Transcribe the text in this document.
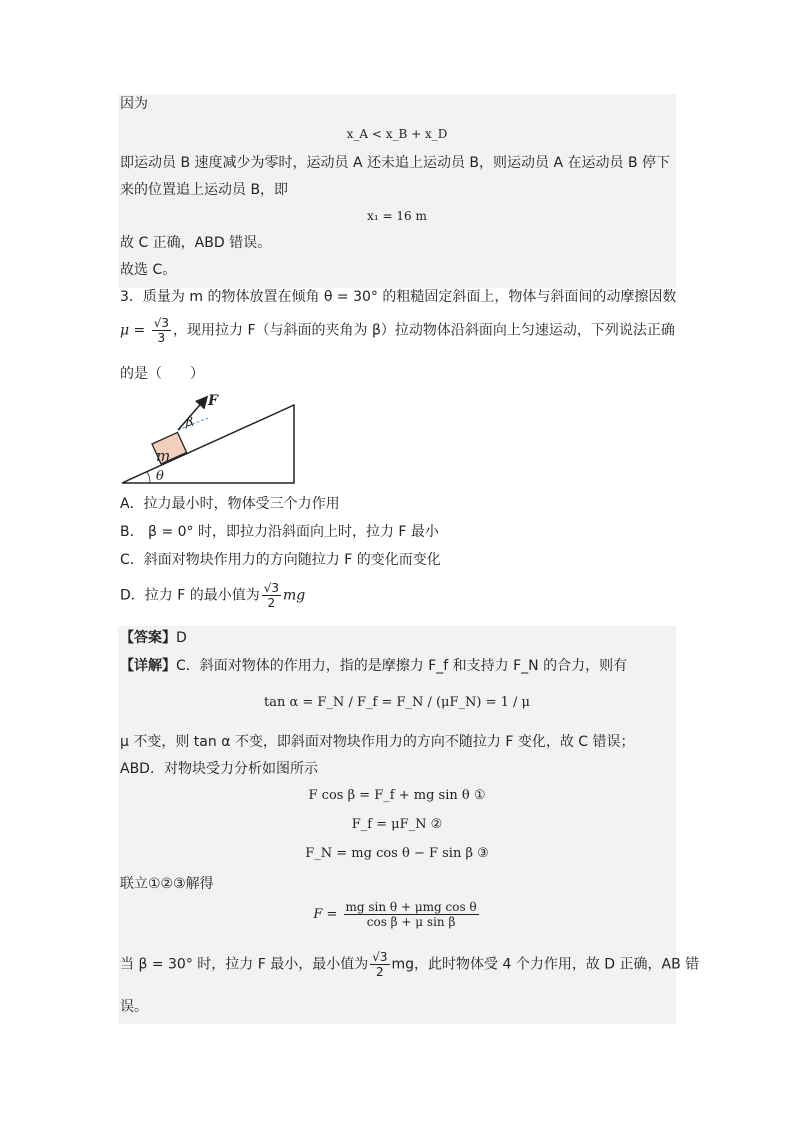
因为
x_A < x_B + x_D
即运动员 B 速度减少为零时，运动员 A 还未追上运动员 B，则运动员 A 在运动员 B 停下
来的位置追上运动员 B，即
x₁ = 16 m
故 C 正确，ABD 错误。
故选 C。
3．质量为 m 的物体放置在倾角 θ = 30° 的粗糙固定斜面上，物体与斜面间的动摩擦因数
$\mu = \frac{√3}{3}$ ，现用拉力 F（与斜面的夹角为 β）拉动物体沿斜面向上匀速运动，下列说法正确
的是（　　）
m
F
β
θ
A．拉力最小时，物体受三个力作用
B． β = 0° 时，即拉力沿斜面向上时，拉力 F 最小
C．斜面对物块作用力的方向随拉力 F 的变化而变化
D．拉力 F 的最小值为 $\frac{√3}{2}$ mg
【答案】D
【详解】C．斜面对物体的作用力，指的是摩擦力 F_f 和支持力 F_N 的合力，则有
tan α = F_N / F_f = F_N / (μF_N) = 1 / μ
μ 不变，则 tan α 不变，即斜面对物块作用力的方向不随拉力 F 变化，故 C 错误；
ABD．对物块受力分析如图所示
F cos β = F_f + mg sin θ ①
F_f = μF_N ②
F_N = mg cos θ − F sin β ③
联立①②③解得
$F = \frac{\text{mg sin θ + μmg cos θ}}{\text{cos β + μ sin β}}$
当 β = 30° 时，拉力 F 最小，最小值为 $\frac{√3}{2}$ mg，此时物体受 4 个力作用，故 D 正确，AB 错
误。
